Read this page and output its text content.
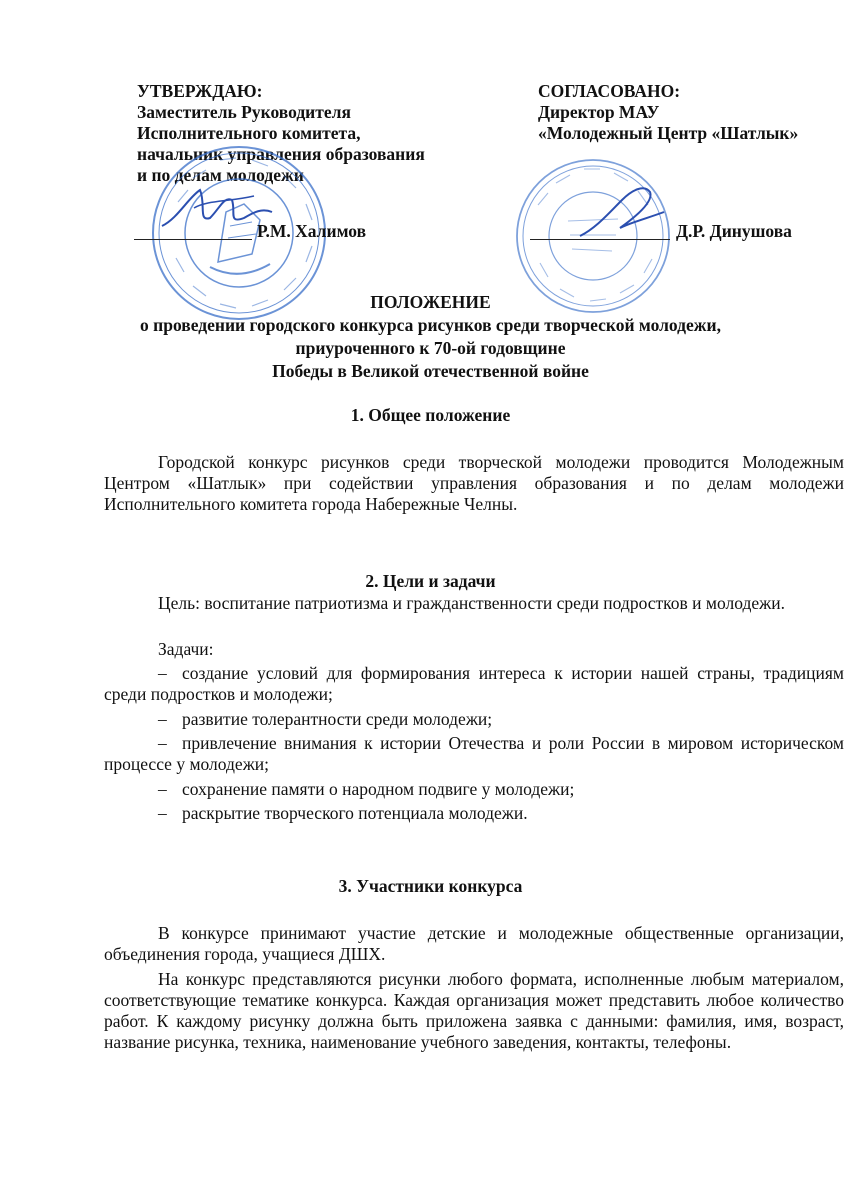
УТВЕРЖДАЮ:
Заместитель Руководителя
Исполнительного комитета,
начальник управления образования
и по делам молодежи
Р.М. Халимов
СОГЛАСОВАНО:
Директор МАУ
«Молодежный Центр «Шатлык»
Д.Р. Динушова
ПОЛОЖЕНИЕ
о проведении городского конкурса рисунков среди творческой молодежи,
приуроченного к 70-ой годовщине
Победы в Великой отечественной войне
1. Общее положение
Городской конкурс рисунков среди творческой молодежи проводится Молодежным Центром «Шатлык» при содействии управления образования и по делам молодежи Исполнительного комитета города Набережные Челны.
2. Цели и задачи
Цель: воспитание патриотизма и гражданственности среди подростков и молодежи.
Задачи:
– создание условий для формирования интереса к истории нашей страны, традициям среди подростков и молодежи;
– развитие толерантности среди молодежи;
– привлечение внимания к истории Отечества и роли России в мировом историческом процессе у молодежи;
– сохранение памяти о народном подвиге у молодежи;
– раскрытие творческого потенциала молодежи.
3. Участники конкурса
В конкурсе принимают участие детские и молодежные общественные организации, объединения города, учащиеся ДШХ.
На конкурс представляются рисунки любого формата, исполненные любым материалом, соответствующие тематике конкурса. Каждая организация может представить любое количество работ. К каждому рисунку должна быть приложена заявка с данными: фамилия, имя, возраст, название рисунка, техника, наименование учебного заведения, контакты, телефоны.
